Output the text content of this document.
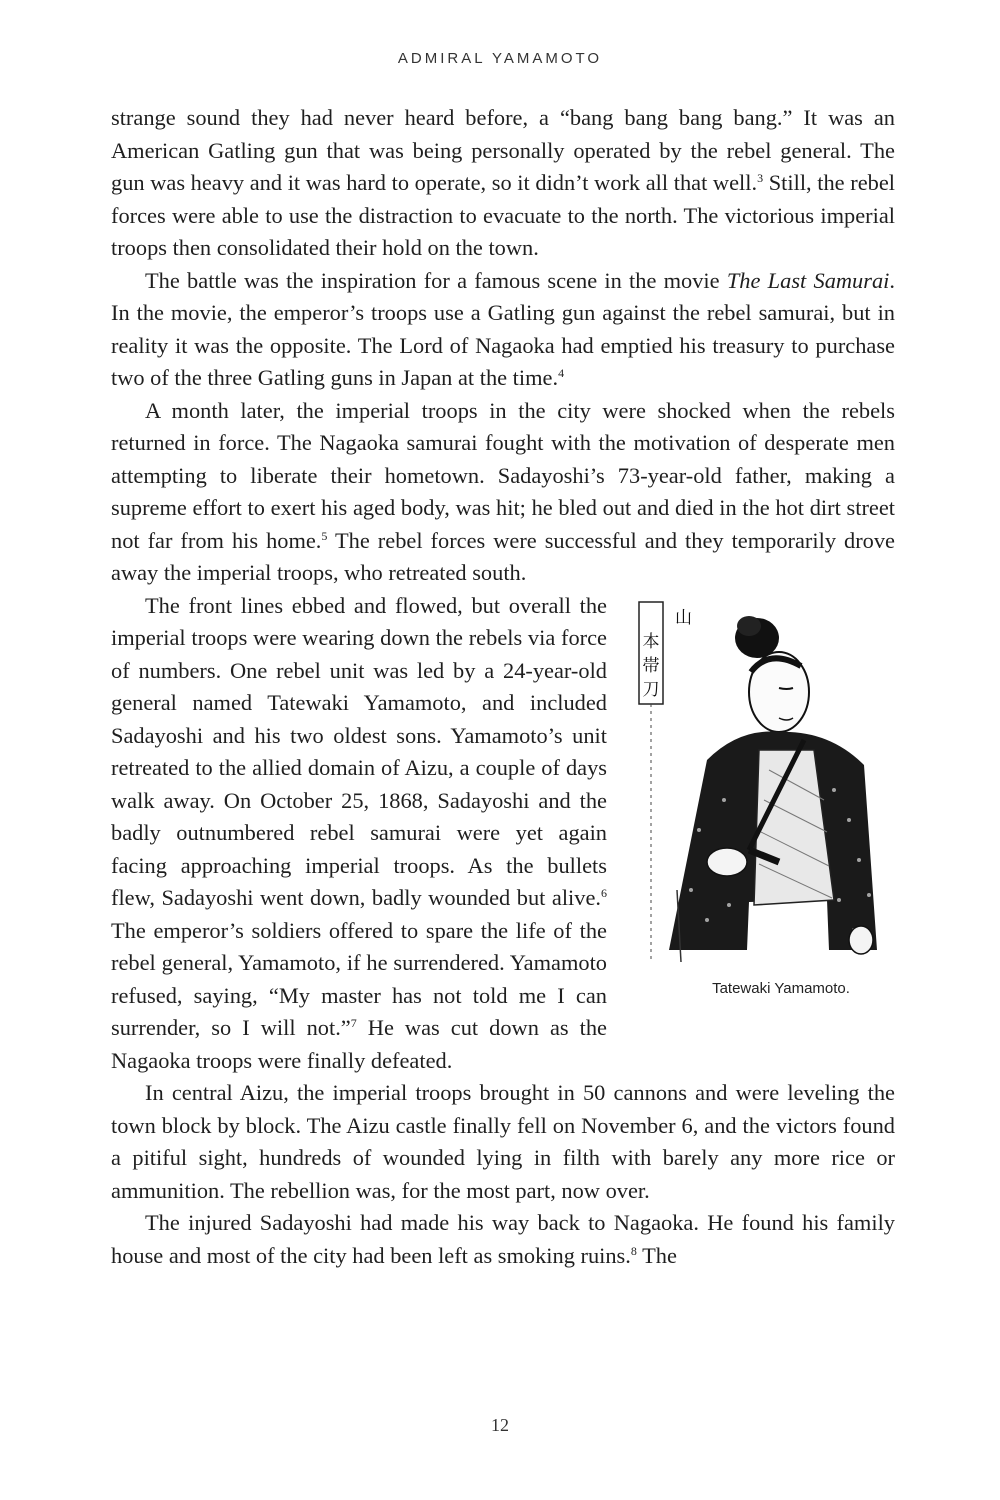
ADMIRAL YAMAMOTO

strange sound they had never heard before, a “bang bang bang bang.” It was an American Gatling gun that was being personally operated by the rebel general. The gun was heavy and it was hard to operate, so it didn’t work all that well.$^3$ Still, the rebel forces were able to use the distraction to evacuate to the north. The victorious imperial troops then consolidated their hold on the town.

The battle was the inspiration for a famous scene in the movie The Last Samurai. In the movie, the emperor’s troops use a Gatling gun against the rebel samurai, but in reality it was the opposite. The Lord of Nagaoka had emptied his treasury to purchase two of the three Gatling guns in Japan at the time.$^4$

A month later, the imperial troops in the city were shocked when the rebels returned in force. The Nagaoka samurai fought with the motivation of desperate men attempting to liberate their hometown. Sadayoshi’s 73-year-old father, making a supreme effort to exert his aged body, was hit; he bled out and died in the hot dirt street not far from his home.$^5$ The rebel forces were successful and they temporarily drove away the imperial troops, who retreated south.

山本帯刀
Tatewaki Yamamoto.
The front lines ebbed and flowed, but overall the imperial troops were wearing down the rebels via force of numbers. One rebel unit was led by a 24-year-old general named Tatewaki Yamamoto, and included Sadayoshi and his two oldest sons. Yamamoto’s unit retreated to the allied domain of Aizu, a couple of days walk away. On October 25, 1868, Sadayoshi and the badly outnumbered rebel samurai were yet again facing approaching imperial troops. As the bullets flew, Sadayoshi went down, badly wounded but alive.$^6$ The emperor’s soldiers offered to spare the life of the rebel general, Yamamoto, if he surrendered. Yamamoto refused, saying, “My master has not told me I can surrender, so I will not.”$^7$ He was cut down as the Nagaoka troops were finally defeated.

In central Aizu, the imperial troops brought in 50 cannons and were leveling the town block by block. The Aizu castle finally fell on November 6, and the victors found a pitiful sight, hundreds of wounded lying in filth with barely any more rice or ammunition. The rebellion was, for the most part, now over.

The injured Sadayoshi had made his way back to Nagaoka. He found his family house and most of the city had been left as smoking ruins.$^8$ The

12
